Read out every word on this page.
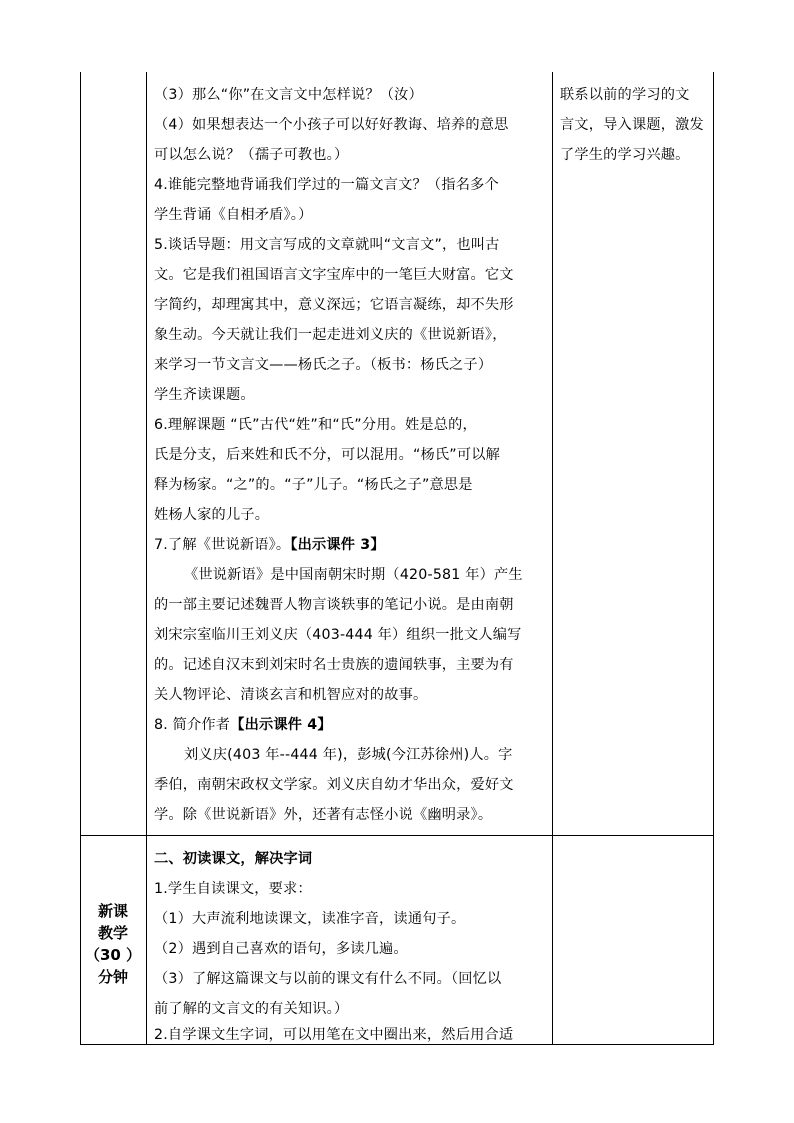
（3）那么“你”在文言文中怎样说？（汝）
（4）如果想表达一个小孩子可以好好教诲、培养的意思
可以怎么说？（孺子可教也。）
4.谁能完整地背诵我们学过的一篇文言文？（指名多个
学生背诵《自相矛盾》。）
5.谈话导题：用文言写成的文章就叫“文言文”，也叫古
文。它是我们祖国语言文字宝库中的一笔巨大财富。它文
字简约，却理寓其中，意义深远；它语言凝练，却不失形
象生动。今天就让我们一起走进刘义庆的《世说新语》，
来学习一节文言文——杨氏之子。（板书：杨氏之子）
学生齐读课题。
6.理解课题 “氏”古代“姓”和“氏”分用。姓是总的，
氏是分支，后来姓和氏不分，可以混用。“杨氏”可以解
释为杨家。“之”的。“子”儿子。“杨氏之子”意思是
姓杨人家的儿子。
7.了解《世说新语》。【出示课件 3】
《世说新语》是中国南朝宋时期（420-581 年）产生
的一部主要记述魏晋人物言谈轶事的笔记小说。是由南朝
刘宋宗室临川王刘义庆（403-444 年）组织一批文人编写
的。记述自汉末到刘宋时名士贵族的遗闻轶事，主要为有
关人物评论、清谈玄言和机智应对的故事。
8. 简介作者【出示课件 4】
刘义庆(403 年--444 年)，彭城(今江苏徐州)人。字
季伯，南朝宋政权文学家。刘义庆自幼才华出众，爱好文
学。除《世说新语》外，还著有志怪小说《幽明录》。
联系以前的学习的文
言文，导入课题，激发
了学生的学习兴趣。
新课
教学
（30 ）
分钟
二、初读课文，解决字词
1.学生自读课文，要求：
（1）大声流利地读课文，读准字音，读通句子。
（2）遇到自己喜欢的语句，多读几遍。
（3）了解这篇课文与以前的课文有什么不同。（回忆以
前了解的文言文的有关知识。）
2.自学课文生字词，可以用笔在文中圈出来，然后用合适
